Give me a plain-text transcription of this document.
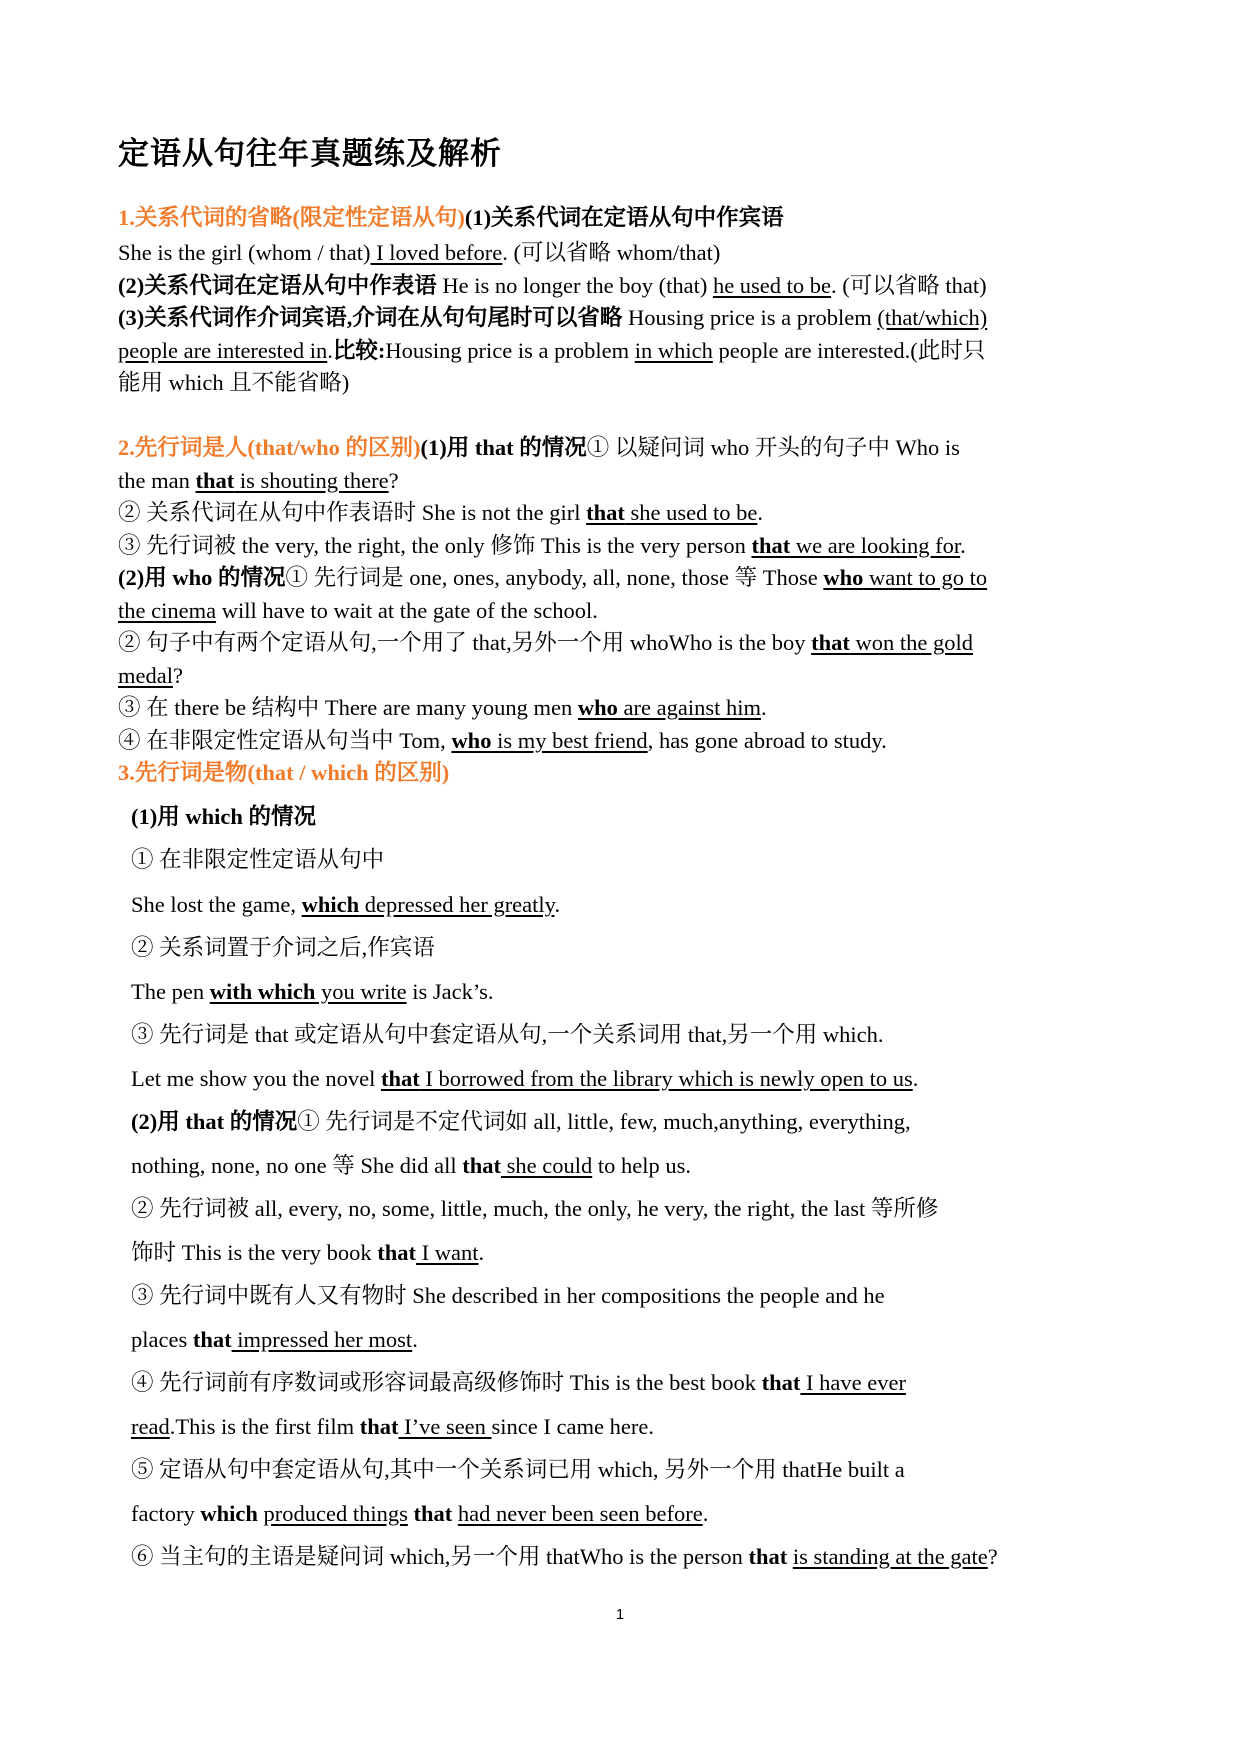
定语从句往年真题练及解析
1.关系代词的省略(限定性定语从句)(1)关系代词在定语从句中作宾语
She is the girl (whom / that) I loved before. (可以省略 whom/that)
(2)关系代词在定语从句中作表语 He is no longer the boy (that) he used to be. (可以省略 that)
(3)关系代词作介词宾语,介词在从句句尾时可以省略 Housing price is a problem (that/which)
people are interested in.比较:Housing price is a problem in which people are interested.(此时只
能用 which 且不能省略)
2.先行词是人(that/who 的区别)(1)用 that 的情况① 以疑问词 who 开头的句子中 Who is
the man that is shouting there?
② 关系代词在从句中作表语时 She is not the girl that she used to be.
③ 先行词被 the very, the right, the only 修饰 This is the very person that we are looking for.
(2)用 who 的情况① 先行词是 one, ones, anybody, all, none, those 等 Those who want to go to
the cinema will have to wait at the gate of the school.
② 句子中有两个定语从句,一个用了 that,另外一个用 whoWho is the boy that won the gold
medal?
③ 在 there be 结构中 There are many young men who are against him.
④ 在非限定性定语从句当中 Tom, who is my best friend, has gone abroad to study.
3.先行词是物(that / which 的区别)
(1)用 which 的情况
① 在非限定性定语从句中
She lost the game, which depressed her greatly.
② 关系词置于介词之后,作宾语
The pen with which you write is Jack’s.
③ 先行词是 that 或定语从句中套定语从句,一个关系词用 that,另一个用 which.
Let me show you the novel that I borrowed from the library which is newly open to us.
(2)用 that 的情况① 先行词是不定代词如 all, little, few, much,anything, everything,
nothing, none, no one 等 She did all that she could to help us.
② 先行词被 all, every, no, some, little, much, the only, he very, the right, the last 等所修
饰时 This is the very book that I want.
③ 先行词中既有人又有物时 She described in her compositions the people and he
places that impressed her most.
④ 先行词前有序数词或形容词最高级修饰时 This is the best book that I have ever
read.This is the first film that I’ve seen since I came here.
⑤ 定语从句中套定语从句,其中一个关系词已用 which, 另外一个用 thatHe built a
factory which produced things that had never been seen before.
⑥ 当主句的主语是疑问词 which,另一个用 thatWho is the person that is standing at the gate?
1
